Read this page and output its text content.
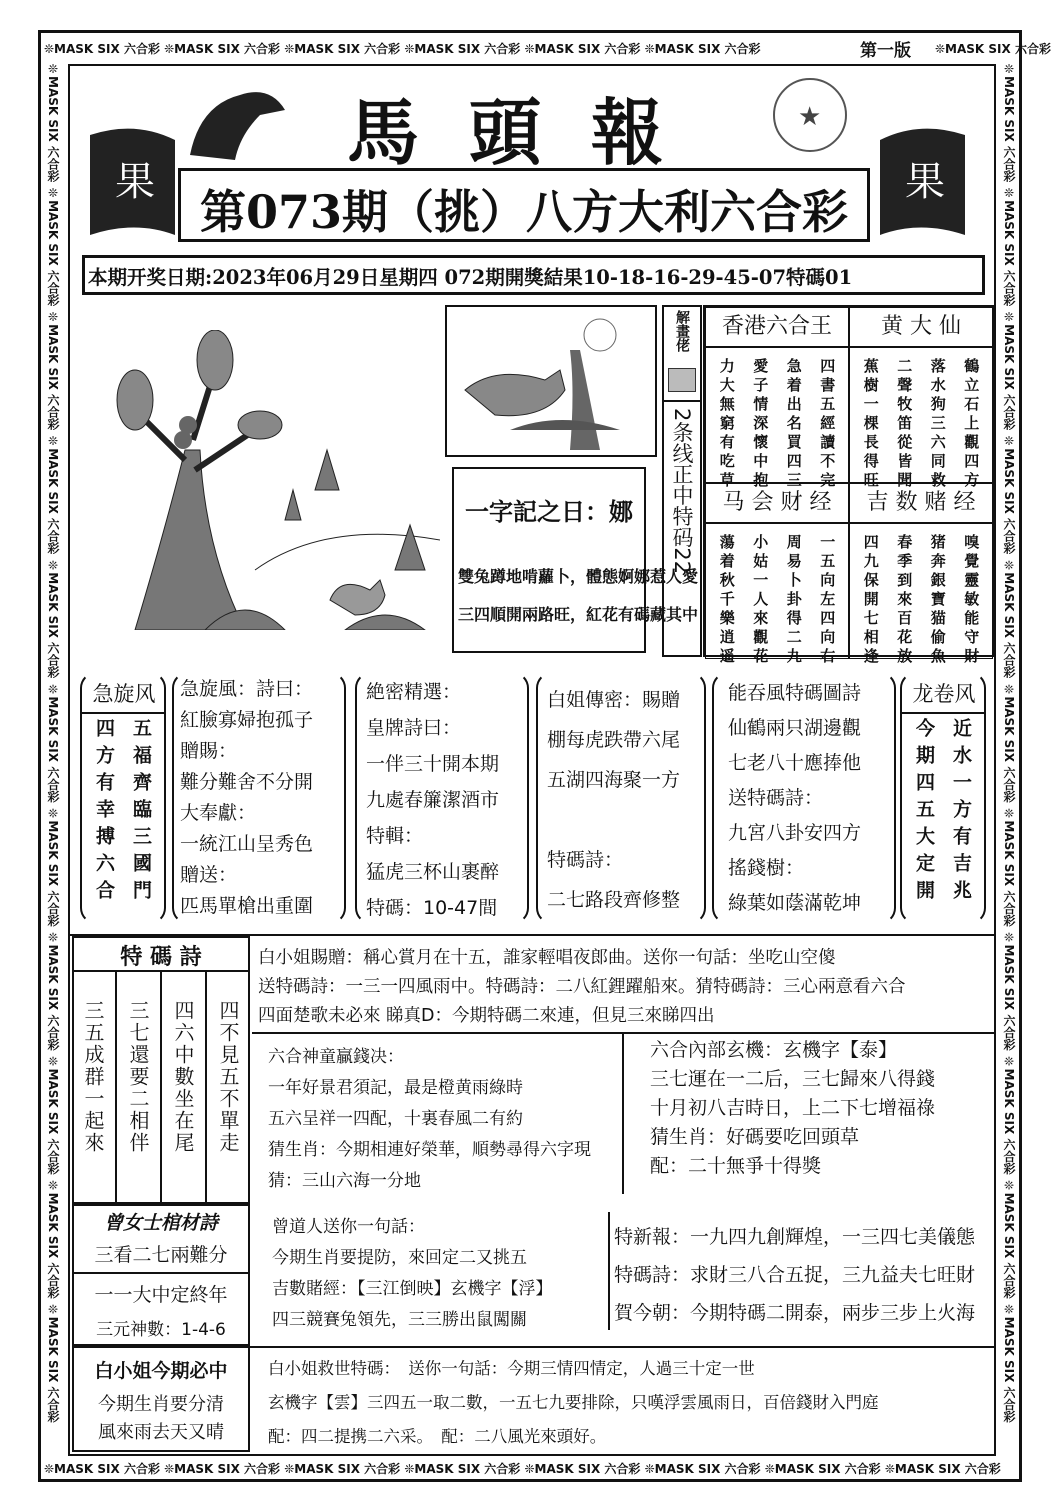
❊MASK SIX 六合彩 ❊MASK SIX 六合彩 ❊MASK SIX 六合彩 ❊MASK SIX 六合彩 ❊MASK SIX 六合彩 ❊MASK SIX 六合彩	第一版 ❊MASK SIX 六合彩
❊MASK SIX 六合彩 ❊MASK SIX 六合彩 ❊MASK SIX 六合彩 ❊MASK SIX 六合彩 ❊MASK SIX 六合彩 ❊MASK SIX 六合彩 ❊MASK SIX 六合彩 ❊MASK SIX 六合彩
❊MASK SIX 六合彩 ❊MASK SIX 六合彩 ❊MASK SIX 六合彩 ❊MASK SIX 六合彩 ❊MASK SIX 六合彩 ❊MASK SIX 六合彩 ❊MASK SIX 六合彩 ❊MASK SIX 六合彩 ❊MASK SIX 六合彩 ❊MASK SIX 六合彩 ❊MASK SIX 六合彩	❊MASK SIX 六合彩 ❊MASK SIX 六合彩 ❊MASK SIX 六合彩 ❊MASK SIX 六合彩 ❊MASK SIX 六合彩 ❊MASK SIX 六合彩 ❊MASK SIX 六合彩 ❊MASK SIX 六合彩 ❊MASK SIX 六合彩 ❊MASK SIX 六合彩 ❊MASK SIX 六合彩
果	果
★
馬頭報
第073期（挑）八方大利六合彩
本期开奖日期:2023年06月29日星期四 072期開獎結果10-18-16-29-45-07特碼01
一字記之日：娜
雙兔蹲地啃蘿卜，體態婀娜惹人愛
三四順開兩路旺，紅花有碼藏其中
解畫佬
2条线正中特码22
香港六合王
四書五經讀不完
急着出名買四三
愛子情深懷中抱
力大無窮有吃草
黄 大 仙
鶴立石上觀四方
落水狗三六同救
二聲牧笛從皆聞
蕉樹一棵長得旺
马 会 财 经
一五向左四向右
周易卜卦得二九
小姑一人來觀花
蕩着秋千樂逍遥
吉 数 赌 经
嗅覺靈敏能守財
猪奔銀寶猫偷魚
春季到來百花放
四九保開七相逢
急旋风
五福齊臨三國門
四方有幸搏六合
急旋風：詩曰：
紅臉寡婦抱孤子
贈賜：
難分難舍不分開
大奉獻：
一統江山呈秀色
贈送：
匹馬單槍出重圍
絶密精選：
皇牌詩曰：
一伴三十開本期
九處春簾潔酒市
特輯：
猛虎三杯山裹醉
特碼：10-47間
白姐傳密：賜贈
棚每虎跌帶六尾
五湖四海聚一方

特碼詩：
二七路段齊修整
能吞風特碼圖詩
仙鶴兩只湖邊觀
七老八十應捧他
送特碼詩：
九宮八卦安四方
搖錢樹：
綠葉如蔭滿乾坤
龙卷风
近水一方有吉兆
今期四五大定開
特 碼 詩
四不見五不單走
四六中數坐在尾
三七還要二相伴
三五成群一起來
白小姐賜贈：稱心賞月在十五，誰家輕唱夜郎曲。送你一句話：坐吃山空傻
送特碼詩：一三一四風雨中。特碼詩：二八紅鋰躍船來。猜特碼詩：三心兩意看六合
四面楚歌未必來 睇真D：今期特碼二來連，但見三來睇四出
六合神童贏錢决：
一年好景君須記，最是橙黄雨綠時
五六呈祥一四配，十裏春風二有約
猜生肖：今期相連好榮華，順勢尋得六字現
猜：三山六海一分地
六合內部玄機：玄機字【泰】
三七運在一二后，三七歸來八得錢
十月初八吉時日，上二下七增福祿
猜生肖：好碼要吃回頭草
配：二十無爭十得獎
曾女士棺材詩
三看二七兩難分
一一大中定終年
三元神數：1-4-6
白小姐今期必中
今期生肖要分清
風來雨去天又晴
曾道人送你一句話：
今期生肖要提防，來回定二又挑五
吉數賭經：【三江倒映】玄機字【浮】
四三競賽兔領先，三三勝出鼠闖關
特新報：一九四九創輝煌，一三四七美儀態
特碼詩：求財三八合五捉，三九益夫七旺財
賀今朝：今期特碼二開泰，兩步三步上火海
白小姐救世特碼：　送你一句話：今期三情四情定，人過三十定一世
玄機字【雲】三四五一取二數，一五七九要排除，只嘆浮雲風雨日，百倍錢財入門庭
配：四二提携二六采。　配：二八風光來頭好。
